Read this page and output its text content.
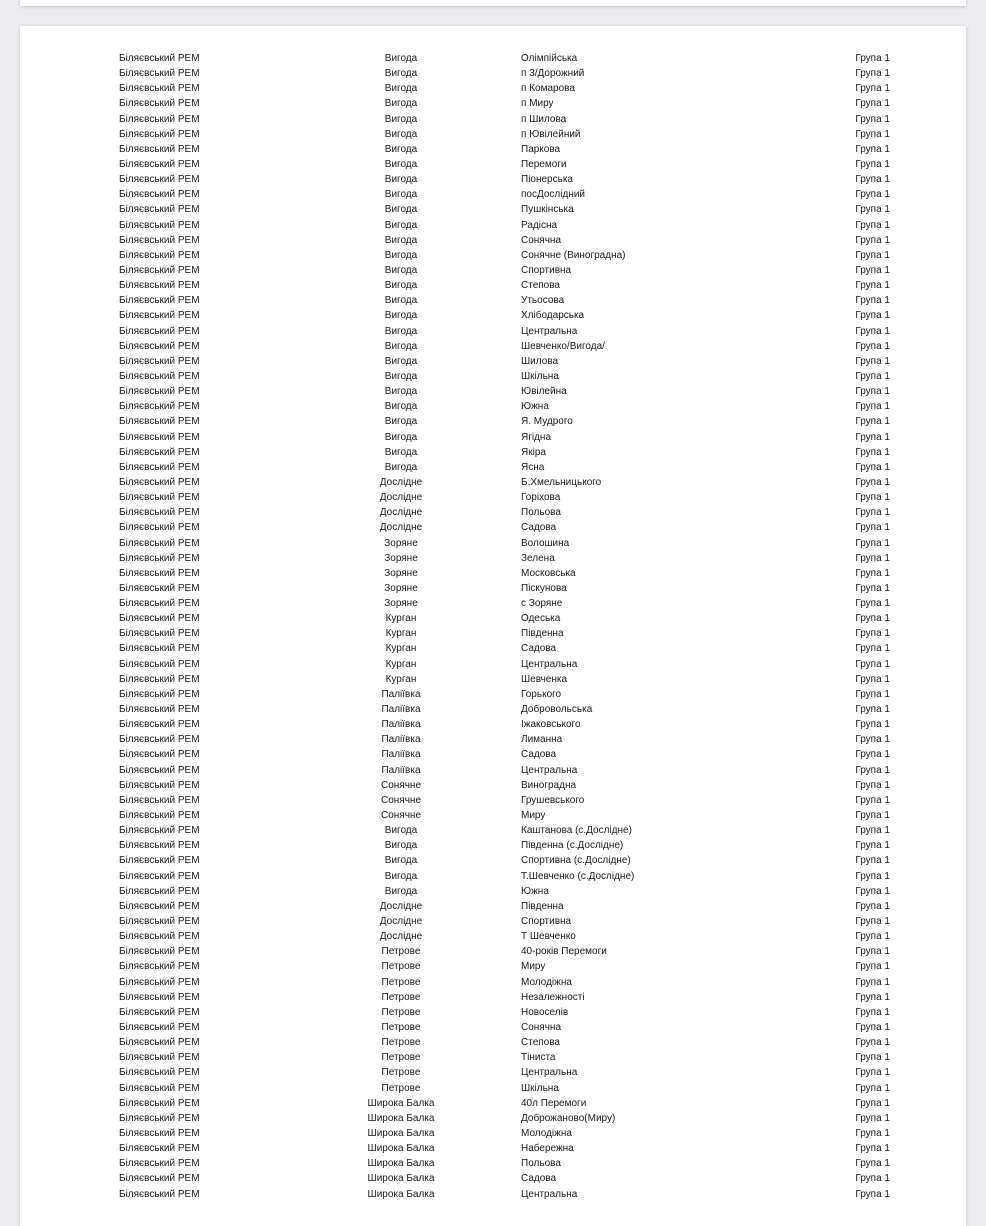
Біляєвський РЕМ	Вигода	Олімпійська	Група 1
Біляєвський РЕМ	Вигода	п 3/Дорожний	Група 1
Біляєвський РЕМ	Вигода	п Комарова	Група 1
Біляєвський РЕМ	Вигода	п Миру	Група 1
Біляєвський РЕМ	Вигода	п Шилова	Група 1
Біляєвський РЕМ	Вигода	п Ювілейний	Група 1
Біляєвський РЕМ	Вигода	Паркова	Група 1
Біляєвський РЕМ	Вигода	Перемоги	Група 1
Біляєвський РЕМ	Вигода	Піонерська	Група 1
Біляєвський РЕМ	Вигода	посДослідний	Група 1
Біляєвський РЕМ	Вигода	Пушкінська	Група 1
Біляєвський РЕМ	Вигода	Радісна	Група 1
Біляєвський РЕМ	Вигода	Сонячна	Група 1
Біляєвський РЕМ	Вигода	Сонячне (Виноградна)	Група 1
Біляєвський РЕМ	Вигода	Спортивна	Група 1
Біляєвський РЕМ	Вигода	Степова	Група 1
Біляєвський РЕМ	Вигода	Утьосова	Група 1
Біляєвський РЕМ	Вигода	Хлібодарська	Група 1
Біляєвський РЕМ	Вигода	Центральна	Група 1
Біляєвський РЕМ	Вигода	Шевченко/Вигода/	Група 1
Біляєвський РЕМ	Вигода	Шилова	Група 1
Біляєвський РЕМ	Вигода	Шкільна	Група 1
Біляєвський РЕМ	Вигода	Ювілейна	Група 1
Біляєвський РЕМ	Вигода	Южна	Група 1
Біляєвський РЕМ	Вигода	Я. Мудрого	Група 1
Біляєвський РЕМ	Вигода	Ягідна	Група 1
Біляєвський РЕМ	Вигода	Якіра	Група 1
Біляєвський РЕМ	Вигода	Ясна	Група 1
Біляєвський РЕМ	Дослідне	Б.Хмельницького	Група 1
Біляєвський РЕМ	Дослідне	Горіхова	Група 1
Біляєвський РЕМ	Дослідне	Польова	Група 1
Біляєвський РЕМ	Дослідне	Садова	Група 1
Біляєвський РЕМ	Зоряне	Волошина	Група 1
Біляєвський РЕМ	Зоряне	Зелена	Група 1
Біляєвський РЕМ	Зоряне	Московська	Група 1
Біляєвський РЕМ	Зоряне	Піскунова	Група 1
Біляєвський РЕМ	Зоряне	с Зоряне	Група 1
Біляєвський РЕМ	Курган	Одеська	Група 1
Біляєвський РЕМ	Курган	Південна	Група 1
Біляєвський РЕМ	Курган	Садова	Група 1
Біляєвський РЕМ	Курган	Центральна	Група 1
Біляєвський РЕМ	Курган	Шевченка	Група 1
Біляєвський РЕМ	Паліївка	Горького	Група 1
Біляєвський РЕМ	Паліївка	Добровольська	Група 1
Біляєвський РЕМ	Паліївка	Іжаковського	Група 1
Біляєвський РЕМ	Паліївка	Лиманна	Група 1
Біляєвський РЕМ	Паліївка	Садова	Група 1
Біляєвський РЕМ	Паліївка	Центральна	Група 1
Біляєвський РЕМ	Сонячне	Виноградна	Група 1
Біляєвський РЕМ	Сонячне	Грушевського	Група 1
Біляєвський РЕМ	Сонячне	Миру	Група 1
Біляєвський РЕМ	Вигода	Каштанова (с.Дослідне)	Група 1
Біляєвський РЕМ	Вигода	Південна (с.Дослідне)	Група 1
Біляєвський РЕМ	Вигода	Спортивна (с.Дослідне)	Група 1
Біляєвський РЕМ	Вигода	Т.Шевченко (с.Дослідне)	Група 1
Біляєвський РЕМ	Вигода	Южна	Група 1
Біляєвський РЕМ	Дослідне	Південна	Група 1
Біляєвський РЕМ	Дослідне	Спортивна	Група 1
Біляєвський РЕМ	Дослідне	Т Шевченко	Група 1
Біляєвський РЕМ	Петрове	40-років Перемоги	Група 1
Біляєвський РЕМ	Петрове	Миру	Група 1
Біляєвський РЕМ	Петрове	Молодіжна	Група 1
Біляєвський РЕМ	Петрове	Незалежності	Група 1
Біляєвський РЕМ	Петрове	Новоселів	Група 1
Біляєвський РЕМ	Петрове	Сонячна	Група 1
Біляєвський РЕМ	Петрове	Степова	Група 1
Біляєвський РЕМ	Петрове	Тіниста	Група 1
Біляєвський РЕМ	Петрове	Центральна	Група 1
Біляєвський РЕМ	Петрове	Шкільна	Група 1
Біляєвський РЕМ	Широка Балка	40л Перемоги	Група 1
Біляєвський РЕМ	Широка Балка	Доброжаново(Миру)	Група 1
Біляєвський РЕМ	Широка Балка	Молодіжна	Група 1
Біляєвський РЕМ	Широка Балка	Набережна	Група 1
Біляєвський РЕМ	Широка Балка	Польова	Група 1
Біляєвський РЕМ	Широка Балка	Садова	Група 1
Біляєвський РЕМ	Широка Балка	Центральна	Група 1
